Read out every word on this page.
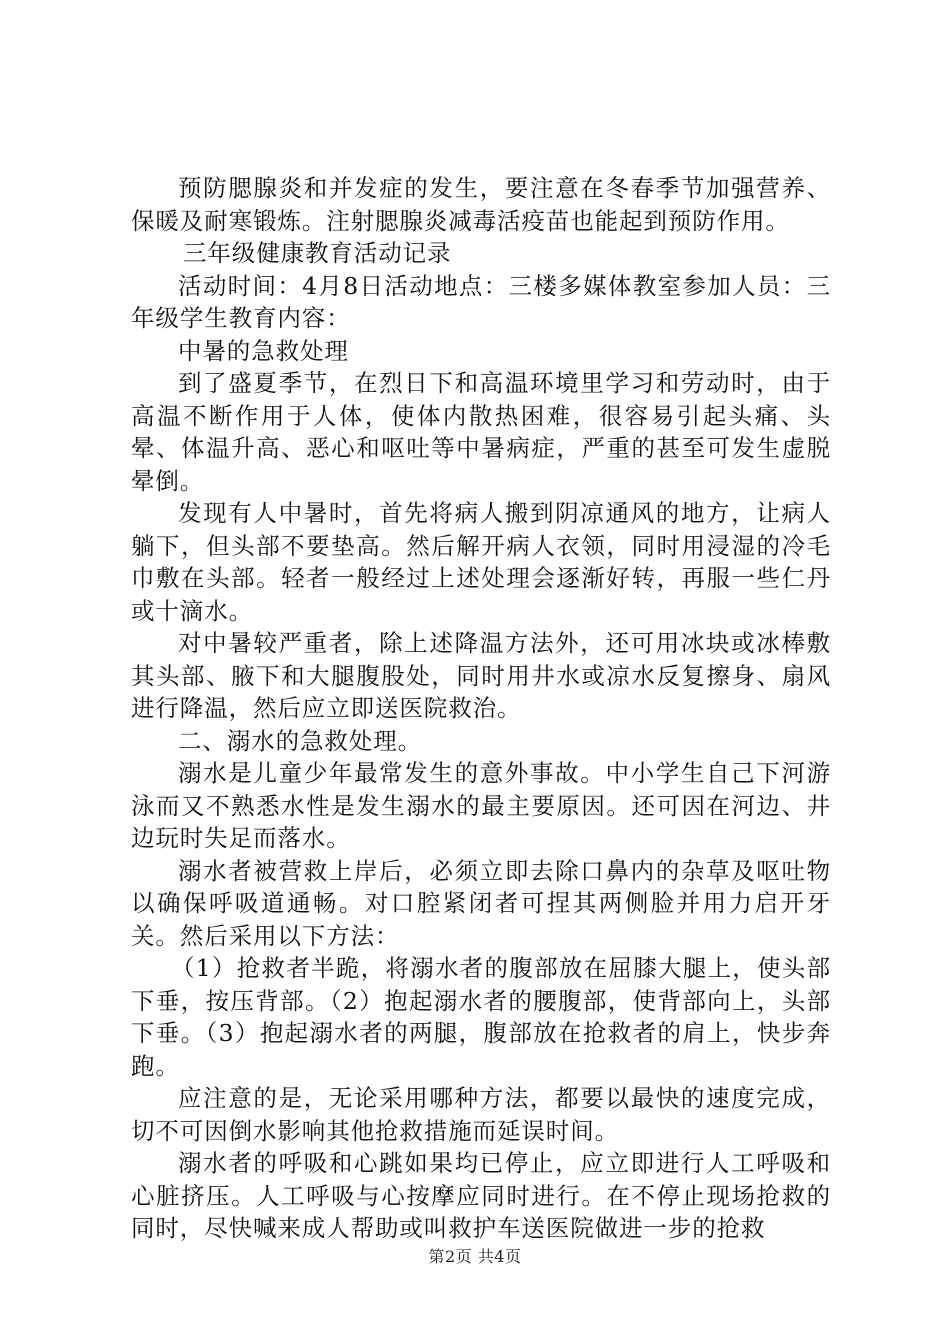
预防腮腺炎和并发症的发生，要注意在冬春季节加强营养、保暖及耐寒锻炼。注射腮腺炎减毒活疫苗也能起到预防作用。

三年级健康教育活动记录

活动时间：4月8日活动地点：三楼多媒体教室参加人员：三年级学生教育内容：

中暑的急救处理

到了盛夏季节，在烈日下和高温环境里学习和劳动时，由于高温不断作用于人体，使体内散热困难，很容易引起头痛、头晕、体温升高、恶心和呕吐等中暑病症，严重的甚至可发生虚脱晕倒。

发现有人中暑时，首先将病人搬到阴凉通风的地方，让病人躺下，但头部不要垫高。然后解开病人衣领，同时用浸湿的冷毛巾敷在头部。轻者一般经过上述处理会逐渐好转，再服一些仁丹或十滴水。

对中暑较严重者，除上述降温方法外，还可用冰块或冰棒敷其头部、腋下和大腿腹股处，同时用井水或凉水反复擦身、扇风进行降温，然后应立即送医院救治。

二、溺水的急救处理。

溺水是儿童少年最常发生的意外事故。中小学生自己下河游泳而又不熟悉水性是发生溺水的最主要原因。还可因在河边、井边玩时失足而落水。

溺水者被营救上岸后，必须立即去除口鼻内的杂草及呕吐物以确保呼吸道通畅。对口腔紧闭者可捏其两侧脸并用力启开牙关。然后采用以下方法：

（1）抢救者半跪，将溺水者的腹部放在屈膝大腿上，使头部下垂，按压背部。（2）抱起溺水者的腰腹部，使背部向上，头部下垂。（3）抱起溺水者的两腿，腹部放在抢救者的肩上，快步奔跑。

应注意的是，无论采用哪种方法，都要以最快的速度完成，切不可因倒水影响其他抢救措施而延误时间。

溺水者的呼吸和心跳如果均已停止，应立即进行人工呼吸和心脏挤压。人工呼吸与心按摩应同时进行。在不停止现场抢救的同时，尽快喊来成人帮助或叫救护车送医院做进一步的抢救

第2页 共4页
